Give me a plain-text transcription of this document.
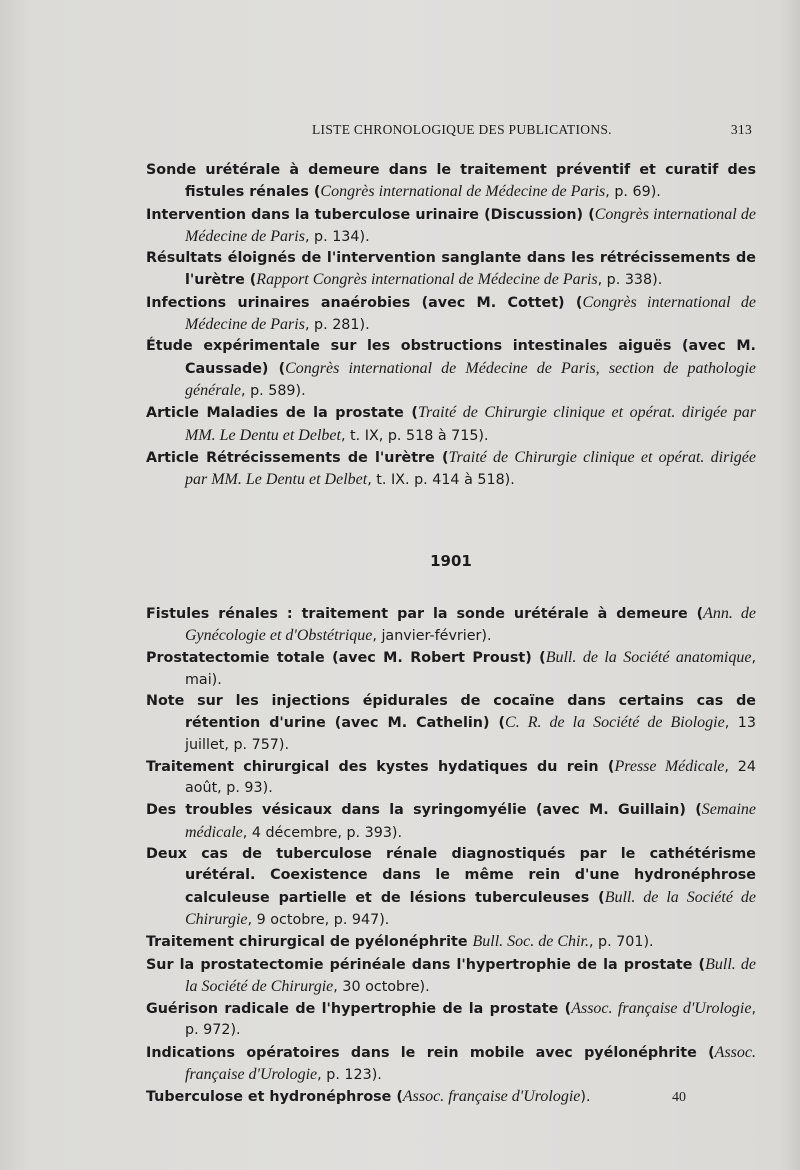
LISTE CHRONOLOGIQUE DES PUBLICATIONS.	313

Sonde urétérale à demeure dans le traitement préventif et curatif des fistules rénales (Congrès international de Médecine de Paris, p. 69).

Intervention dans la tuberculose urinaire (Discussion) (Congrès international de Médecine de Paris, p. 134).

Résultats éloignés de l'intervention sanglante dans les rétrécissements de l'urètre (Rapport Congrès international de Médecine de Paris, p. 338).

Infections urinaires anaérobies (avec M. Cottet) (Congrès international de Médecine de Paris, p. 281).

Étude expérimentale sur les obstructions intestinales aiguës (avec M. Caussade) (Congrès international de Médecine de Paris, section de pathologie générale, p. 589).

Article Maladies de la prostate (Traité de Chirurgie clinique et opérat. dirigée par MM. Le Dentu et Delbet, t. IX, p. 518 à 715).

Article Rétrécissements de l'urètre (Traité de Chirurgie clinique et opérat. dirigée par MM. Le Dentu et Delbet, t. IX. p. 414 à 518).

1901

Fistules rénales : traitement par la sonde urétérale à demeure (Ann. de Gynécologie et d'Obstétrique, janvier-février).

Prostatectomie totale (avec M. Robert Proust) (Bull. de la Société anatomique, mai).

Note sur les injections épidurales de cocaïne dans certains cas de rétention d'urine (avec M. Cathelin) (C. R. de la Société de Biologie, 13 juillet, p. 757).

Traitement chirurgical des kystes hydatiques du rein (Presse Médicale, 24 août, p. 93).

Des troubles vésicaux dans la syringomyélie (avec M. Guillain) (Semaine médicale, 4 décembre, p. 393).

Deux cas de tuberculose rénale diagnostiqués par le cathétérisme urétéral. Coexistence dans le même rein d'une hydronéphrose calculeuse partielle et de lésions tuberculeuses (Bull. de la Société de Chirurgie, 9 octobre, p. 947).

Traitement chirurgical de pyélonéphrite Bull. Soc. de Chir., p. 701).

Sur la prostatectomie périnéale dans l'hypertrophie de la prostate (Bull. de la Société de Chirurgie, 30 octobre).

Guérison radicale de l'hypertrophie de la prostate (Assoc. française d'Urologie, p. 972).

Indications opératoires dans le rein mobile avec pyélonéphrite (Assoc. française d'Urologie, p. 123).

Tuberculose et hydronéphrose (Assoc. française d'Urologie).	40
